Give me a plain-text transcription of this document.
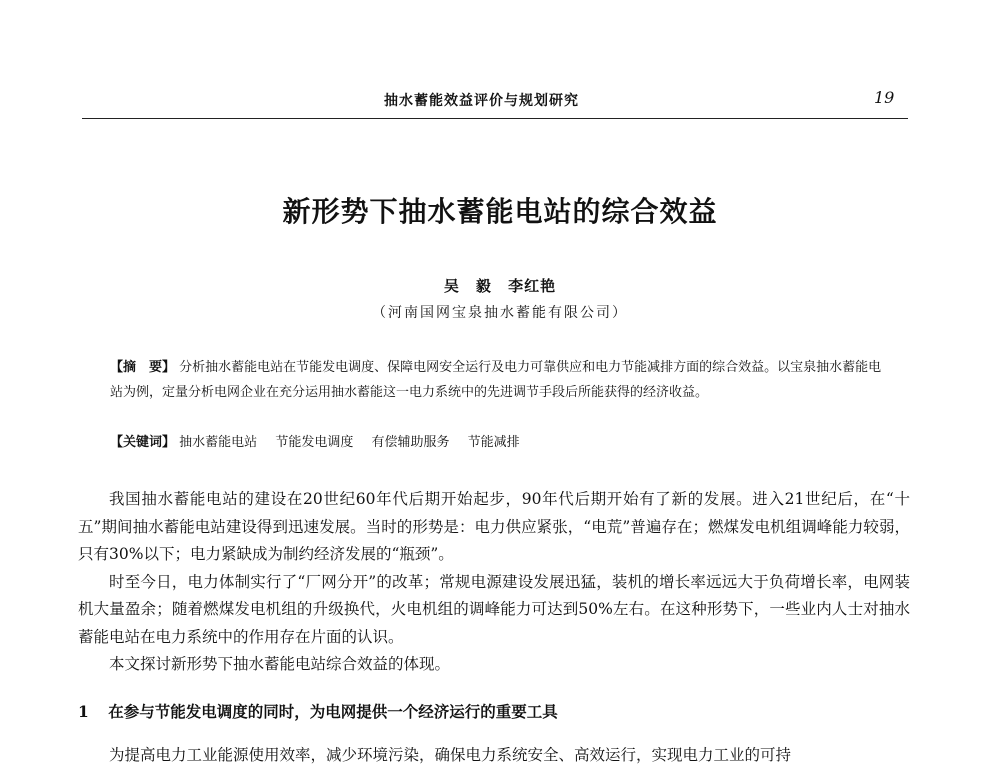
抽水蓄能效益评价与规划研究	19
新形势下抽水蓄能电站的综合效益
吴　毅 李红艳
（河南国网宝泉抽水蓄能有限公司）
【摘　要】 分析抽水蓄能电站在节能发电调度、保障电网安全运行及电力可靠供应和电力节能减排方面的综合效益。以宝泉抽水蓄能电站为例，定量分析电网企业在充分运用抽水蓄能这一电力系统中的先进调节手段后所能获得的经济收益。
【关键词】 抽水蓄能电站 节能发电调度 有偿辅助服务 节能减排

我国抽水蓄能电站的建设在20世纪60年代后期开始起步，90年代后期开始有了新的发展。进入21世纪后，在“十五”期间抽水蓄能电站建设得到迅速发展。当时的形势是：电力供应紧张，“电荒”普遍存在；燃煤发电机组调峰能力较弱，只有30%以下；电力紧缺成为制约经济发展的“瓶颈”。

时至今日，电力体制实行了“厂网分开”的改革；常规电源建设发展迅猛，装机的增长率远远大于负荷增长率，电网装机大量盈余；随着燃煤发电机组的升级换代，火电机组的调峰能力可达到50%左右。在这种形势下，一些业内人士对抽水蓄能电站在电力系统中的作用存在片面的认识。

本文探讨新形势下抽水蓄能电站综合效益的体现。

1 在参与节能发电调度的同时，为电网提供一个经济运行的重要工具
为提高电力工业能源使用效率，减少环境污染，确保电力系统安全、高效运行，实现电力工业的可持
